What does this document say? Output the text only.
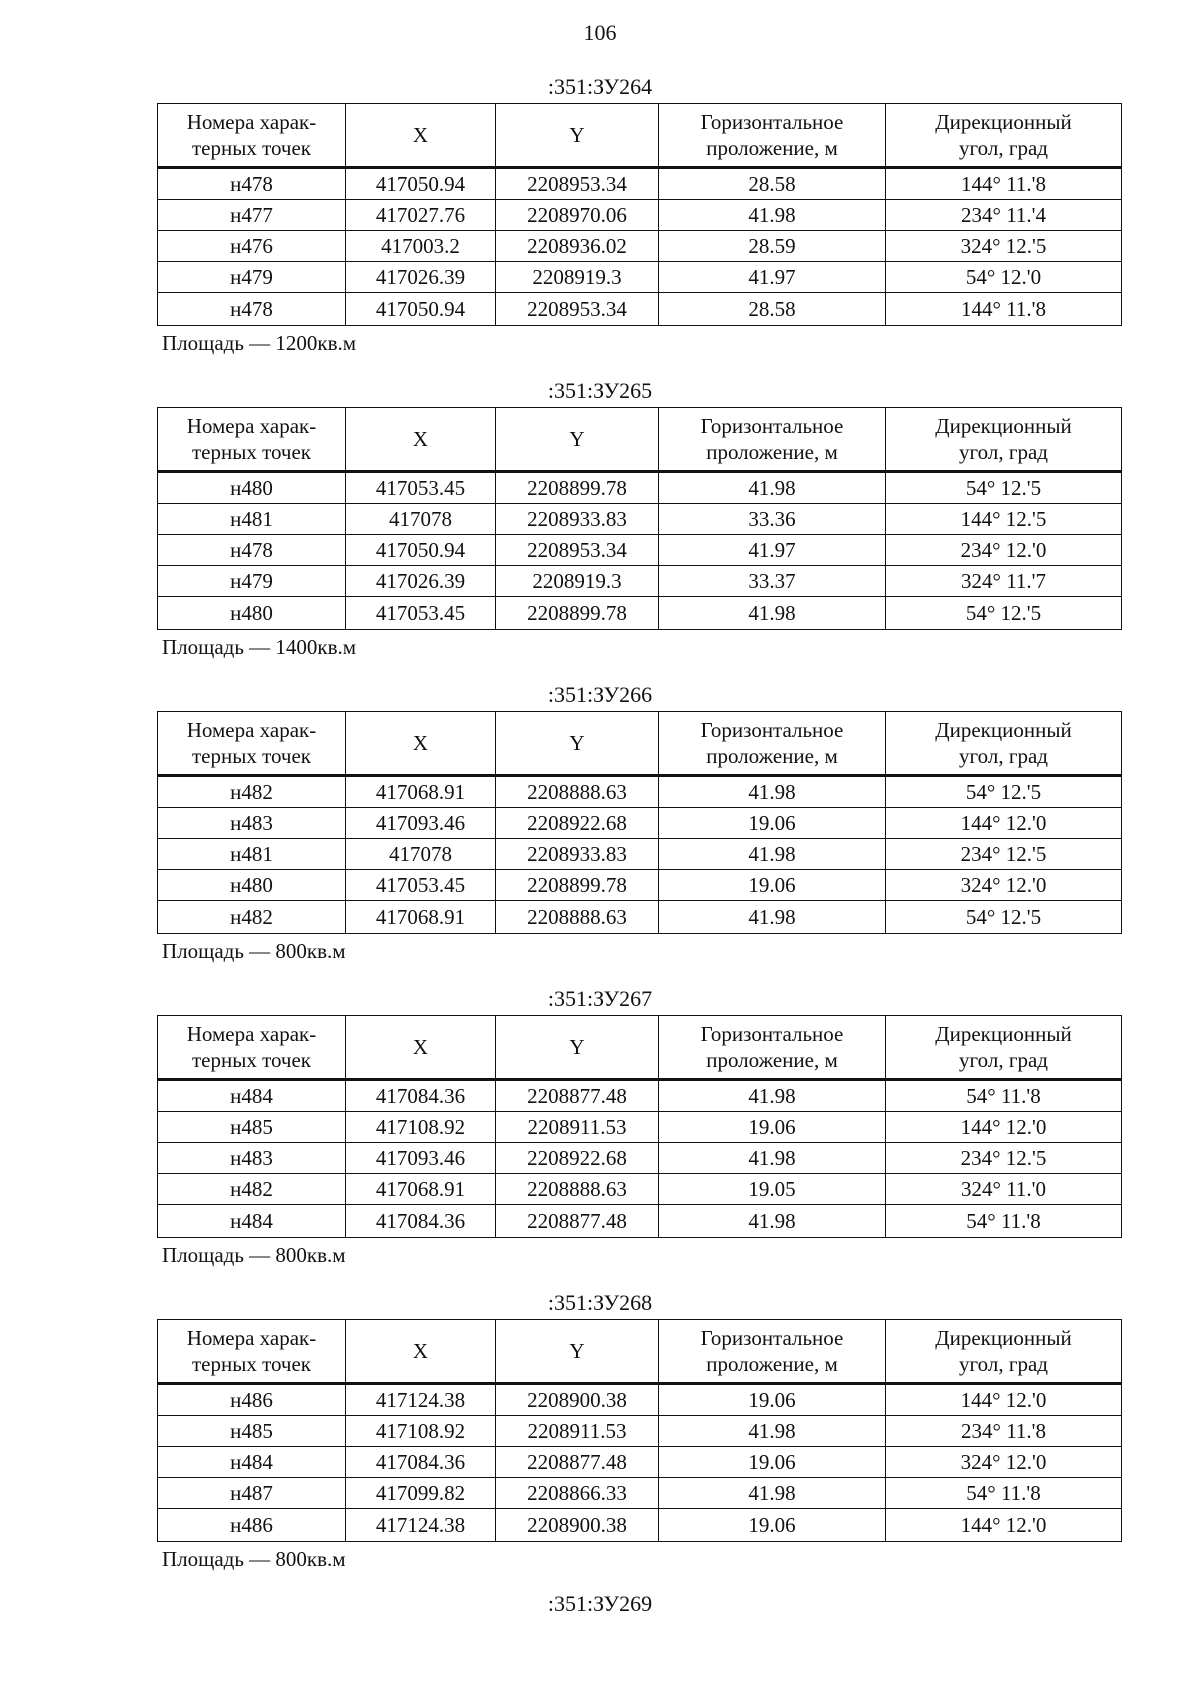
106
:351:ЗУ264
Номера харак-
терных точек	X	Y	Горизонтальное
проложение, м	Дирекционный
угол, град
н478	417050.94	2208953.34	28.58	144° 11.'8
н477	417027.76	2208970.06	41.98	234° 11.'4
н476	417003.2	2208936.02	28.59	324° 12.'5
н479	417026.39	2208919.3	41.97	54° 12.'0
н478	417050.94	2208953.34	28.58	144° 11.'8
Площадь — 1200кв.м
:351:ЗУ265
Номера харак-
терных точек	X	Y	Горизонтальное
проложение, м	Дирекционный
угол, град
н480	417053.45	2208899.78	41.98	54° 12.'5
н481	417078	2208933.83	33.36	144° 12.'5
н478	417050.94	2208953.34	41.97	234° 12.'0
н479	417026.39	2208919.3	33.37	324° 11.'7
н480	417053.45	2208899.78	41.98	54° 12.'5
Площадь — 1400кв.м
:351:ЗУ266
Номера харак-
терных точек	X	Y	Горизонтальное
проложение, м	Дирекционный
угол, град
н482	417068.91	2208888.63	41.98	54° 12.'5
н483	417093.46	2208922.68	19.06	144° 12.'0
н481	417078	2208933.83	41.98	234° 12.'5
н480	417053.45	2208899.78	19.06	324° 12.'0
н482	417068.91	2208888.63	41.98	54° 12.'5
Площадь — 800кв.м
:351:ЗУ267
Номера харак-
терных точек	X	Y	Горизонтальное
проложение, м	Дирекционный
угол, град
н484	417084.36	2208877.48	41.98	54° 11.'8
н485	417108.92	2208911.53	19.06	144° 12.'0
н483	417093.46	2208922.68	41.98	234° 12.'5
н482	417068.91	2208888.63	19.05	324° 11.'0
н484	417084.36	2208877.48	41.98	54° 11.'8
Площадь — 800кв.м
:351:ЗУ268
Номера харак-
терных точек	X	Y	Горизонтальное
проложение, м	Дирекционный
угол, град
н486	417124.38	2208900.38	19.06	144° 12.'0
н485	417108.92	2208911.53	41.98	234° 11.'8
н484	417084.36	2208877.48	19.06	324° 12.'0
н487	417099.82	2208866.33	41.98	54° 11.'8
н486	417124.38	2208900.38	19.06	144° 12.'0
Площадь — 800кв.м
:351:ЗУ269
